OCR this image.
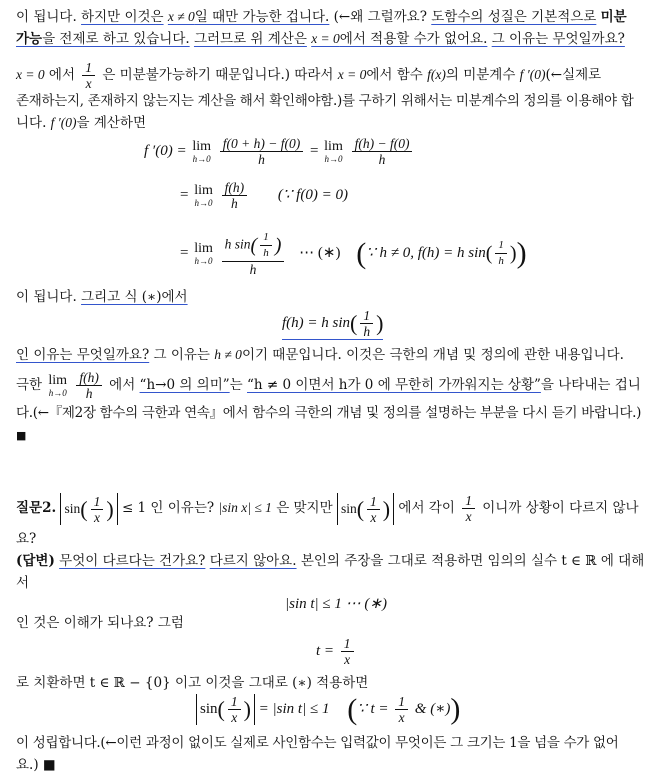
이 됩니다. 하지만 이것은 x ≠ 0일 때만 가능한 겁니다. (←왜 그럴까요? 도함수의 성질은 기본적으로 미분
가능을 전제로 하고 있습니다. 그러므로 위 계산은 x = 0에서 적용할 수가 없어요. 그 이유는 무엇일까요?
x = 0 에서 $\frac{1}{x}$ 은 미분불가능하기 때문입니다.) 따라서 x = 0에서 함수 f(x)의 미분계수 f ′(0)(←실제로
존재하는지, 존재하지 않는지는 계산을 해서 확인해야함.)를 구하기 위해서는 미분계수의 정의를 이용해야 합
니다. f ′(0)을 계산하면
f ′(0) = lim
h→0
$\frac{f(0 + h) - f(0)}{h} = \lim$
h→0
$\frac{f(h) - f(0)}{h}$
= lim
h→0
$\frac{f(h)}{h}$ (∵ f(0) = 0)
= lim
h→0
$\frac{h \sin( \frac{1}{h} )}{h}$ ⋯ (∗) (∵ h ≠ 0, f(h) = h $\sin( \frac{1}{h}$ ))
이 됩니다. 그리고 식 (∗)에서
f(h) = h $\sin( \frac{1}{h}$ )
인 이유는 무엇일까요? 그 이유는 h ≠ 0이기 때문입니다. 이것은 극한의 개념 및 정의에 관한 내용입니다.
극한 lim
h→0
$\frac{f(h)}{h}$ 에서 “h→0 의 의미”는 “h ≠ 0 이면서 h가 0 에 무한히 가까워지는 상황”을 나타내는 겁니
다.(←『제2장 함수의 극한과 연속』에서 함수의 극한의 개념 및 정의를 설명하는 부분을 다시 듣기 바랍니다.)
■
질문2. $\sin( \frac{1}{x}$ ) ≤ 1 인 이유는? |sin x| ≤ 1 은 맞지만 $\sin( \frac{1}{x}$ ) 에서 각이 $\frac{1}{x}$ 이니까 상황이 다르지 않나
요?
(답변) 무엇이 다르다는 건가요? 다르지 않아요. 본인의 주장을 그대로 적용하면 임의의 실수 t ∈ ℝ 에 대해
서
|sin t| ≤ 1 ⋯ (∗)
인 것은 이해가 되나요? 그럼
$t = \frac{1}{x}$
로 치환하면 t ∈ ℝ − {0} 이고 이것을 그대로 (∗) 적용하면
$\sin( \frac{1}{x}$ ) = |sin t| ≤ 1 (∵ $t = \frac{1}{x}$ & (∗))
이 성립합니다.(←이런 과정이 없이도 실제로 사인함수는 입력값이 무엇이든 그 크기는 1을 넘을 수가 없어
요.) ■
